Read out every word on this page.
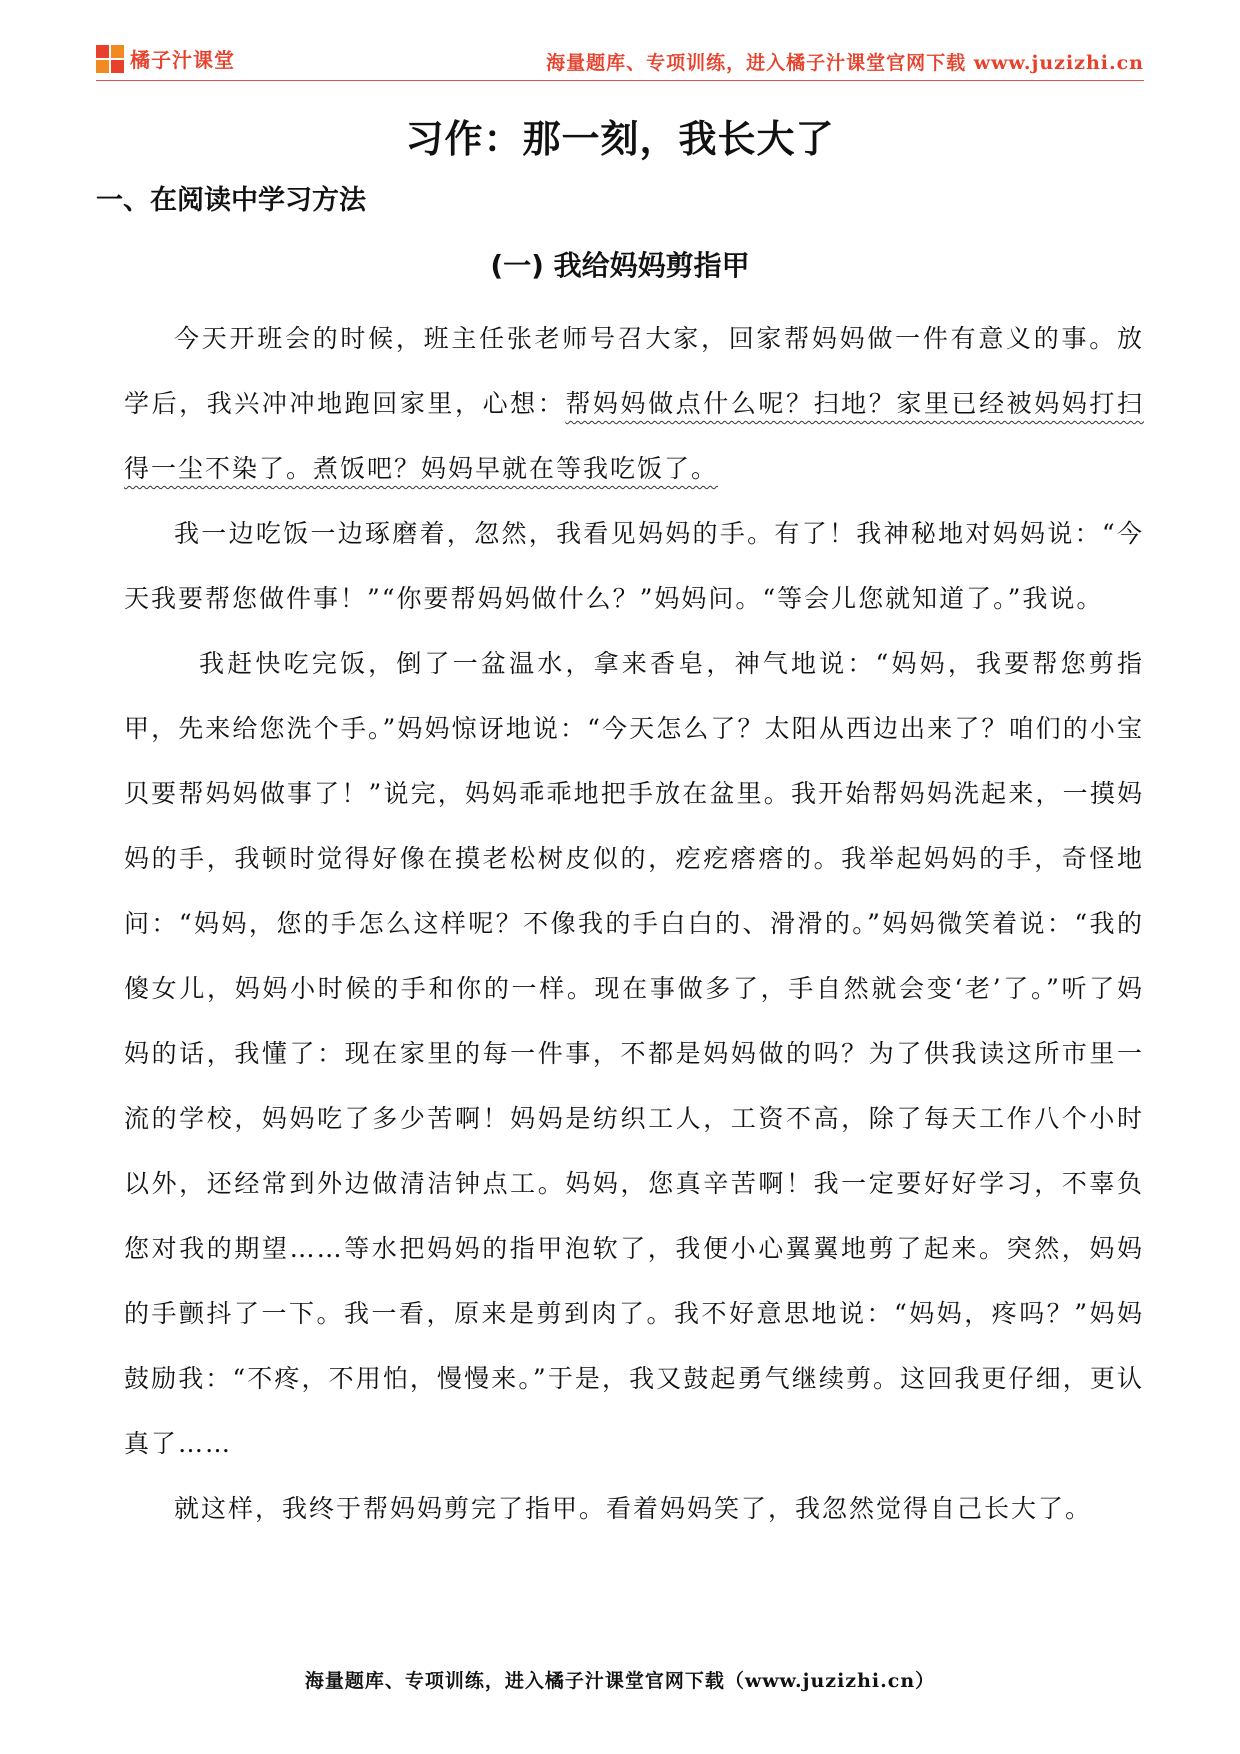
橘子汁课堂	海量题库、专项训练，进入橘子汁课堂官网下载 www.juzizhi.cn
习作：那一刻，我长大了
一、在阅读中学习方法
(一) 我给妈妈剪指甲

今天开班会的时候，班主任张老师号召大家，回家帮妈妈做一件有意义的事。放学后，我兴冲冲地跑回家里，心想：帮妈妈做点什么呢？扫地？家里已经被妈妈打扫得一尘不染了。煮饭吧？妈妈早就在等我吃饭了。

我一边吃饭一边琢磨着，忽然，我看见妈妈的手。有了！我神秘地对妈妈说：“今天我要帮您做件事！”“你要帮妈妈做什么？”妈妈问。“等会儿您就知道了。”我说。

我赶快吃完饭，倒了一盆温水，拿来香皂，神气地说：“妈妈，我要帮您剪指甲，先来给您洗个手。”妈妈惊讶地说：“今天怎么了？太阳从西边出来了？咱们的小宝贝要帮妈妈做事了！”说完，妈妈乖乖地把手放在盆里。我开始帮妈妈洗起来，一摸妈妈的手，我顿时觉得好像在摸老松树皮似的，疙疙瘩瘩的。我举起妈妈的手，奇怪地问：“妈妈，您的手怎么这样呢？不像我的手白白的、滑滑的。”妈妈微笑着说：“我的傻女儿，妈妈小时候的手和你的一样。现在事做多了，手自然就会变‘老’了。”听了妈妈的话，我懂了：现在家里的每一件事，不都是妈妈做的吗？为了供我读这所市里一流的学校，妈妈吃了多少苦啊！妈妈是纺织工人，工资不高，除了每天工作八个小时以外，还经常到外边做清洁钟点工。妈妈，您真辛苦啊！我一定要好好学习，不辜负您对我的期望……等水把妈妈的指甲泡软了，我便小心翼翼地剪了起来。突然，妈妈的手颤抖了一下。我一看，原来是剪到肉了。我不好意思地说：“妈妈，疼吗？”妈妈鼓励我：“不疼，不用怕，慢慢来。”于是，我又鼓起勇气继续剪。这回我更仔细，更认真了……

就这样，我终于帮妈妈剪完了指甲。看着妈妈笑了，我忽然觉得自己长大了。

海量题库、专项训练，进入橘子汁课堂官网下载（www.juzizhi.cn）
